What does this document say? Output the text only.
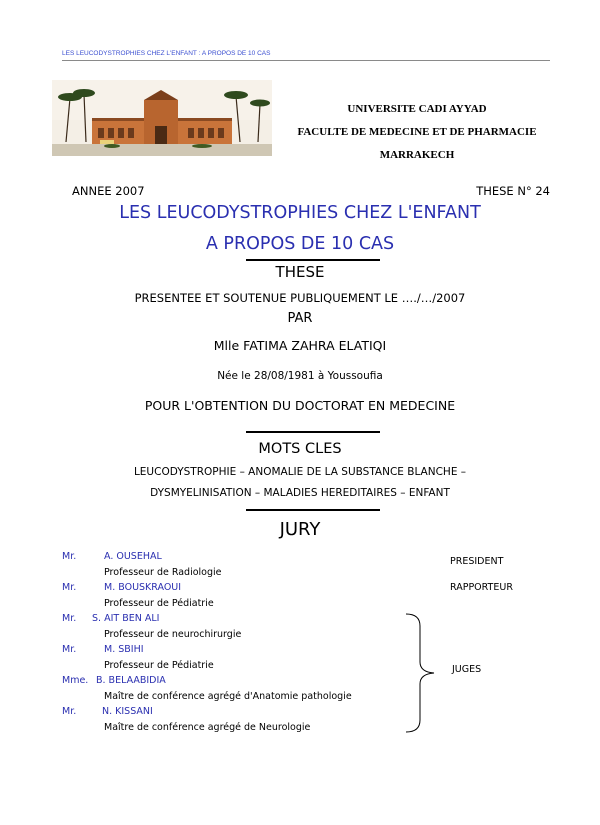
LES LEUCODYSTROPHIES CHEZ L'ENFANT : A PROPOS DE 10 CAS
UNIVERSITE CADI AYYAD
FACULTE DE MEDECINE ET DE PHARMACIE
MARRAKECH
ANNEE 2007	THESE N° 24
LES LEUCODYSTROPHIES CHEZ L'ENFANT
A PROPOS DE 10 CAS
THESE
PRESENTEE ET SOUTENUE PUBLIQUEMENT LE …./…/2007
PAR
Mlle FATIMA ZAHRA ELATIQI
Née le 28/08/1981 à Youssoufia
POUR L'OBTENTION DU DOCTORAT EN MEDECINE
MOTS CLES
LEUCODYSTROPHIE – ANOMALIE DE LA SUBSTANCE BLANCHE –
DYSMYELINISATION – MALADIES HEREDITAIRES – ENFANT
JURY
Mr.	A. OUSEHAL
Professeur de Radiologie
Mr.	M. BOUSKRAOUI
Professeur de Pédiatrie
Mr. S. AIT BEN ALI
Professeur de neurochirurgie
Mr.	M. SBIHI
Professeur de Pédiatrie
Mme. B. BELAABIDIA
Maître de conférence agrégé d'Anatomie pathologie
Mr.	N. KISSANI
Maître de conférence agrégé de Neurologie
PRESIDENT
RAPPORTEUR
JUGES
